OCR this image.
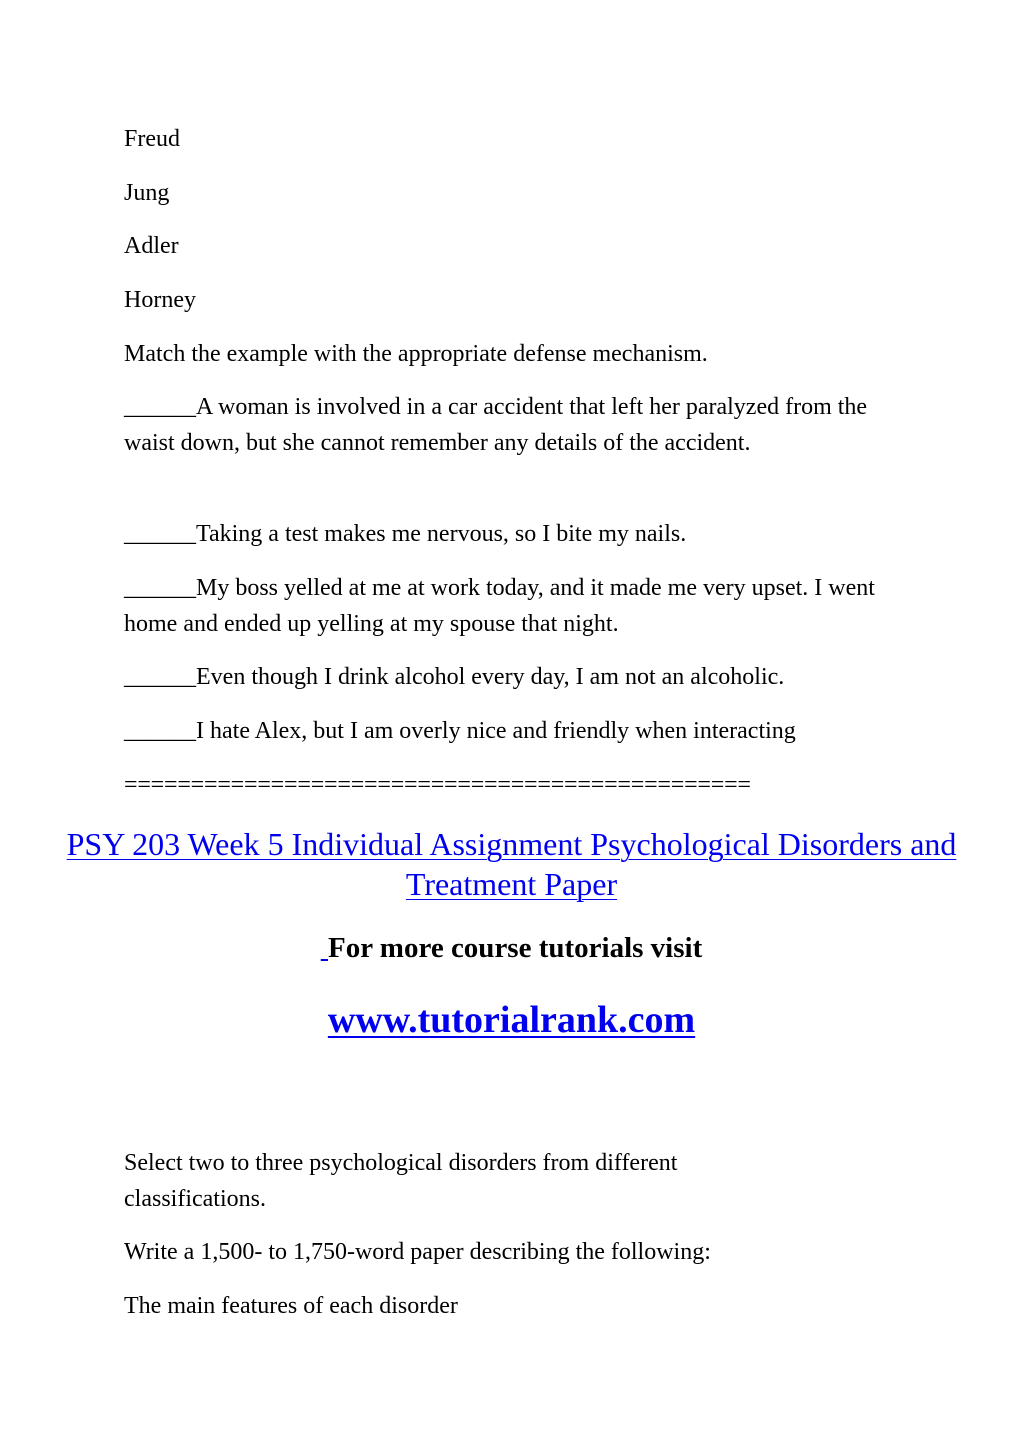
Freud

Jung

Adler

Horney

Match the example with the appropriate defense mechanism.

______A woman is involved in a car accident that left her paralyzed from the waist down, but she cannot remember any details of the accident.

______Taking a test makes me nervous, so I bite my nails.

______My boss yelled at me at work today, and it made me very upset. I went home and ended up yelling at my spouse that night.

______Even though I drink alcohol every day, I am not an alcoholic.

______I hate Alex, but I am overly nice and friendly when interacting

===============================================

PSY 203 Week 5 Individual Assignment Psychological Disorders and Treatment Paper

For more course tutorials visit

www.tutorialrank.com

Select two to three psychological disorders from different classifications.

Write a 1,500- to 1,750-word paper describing the following:

The main features of each disorder
